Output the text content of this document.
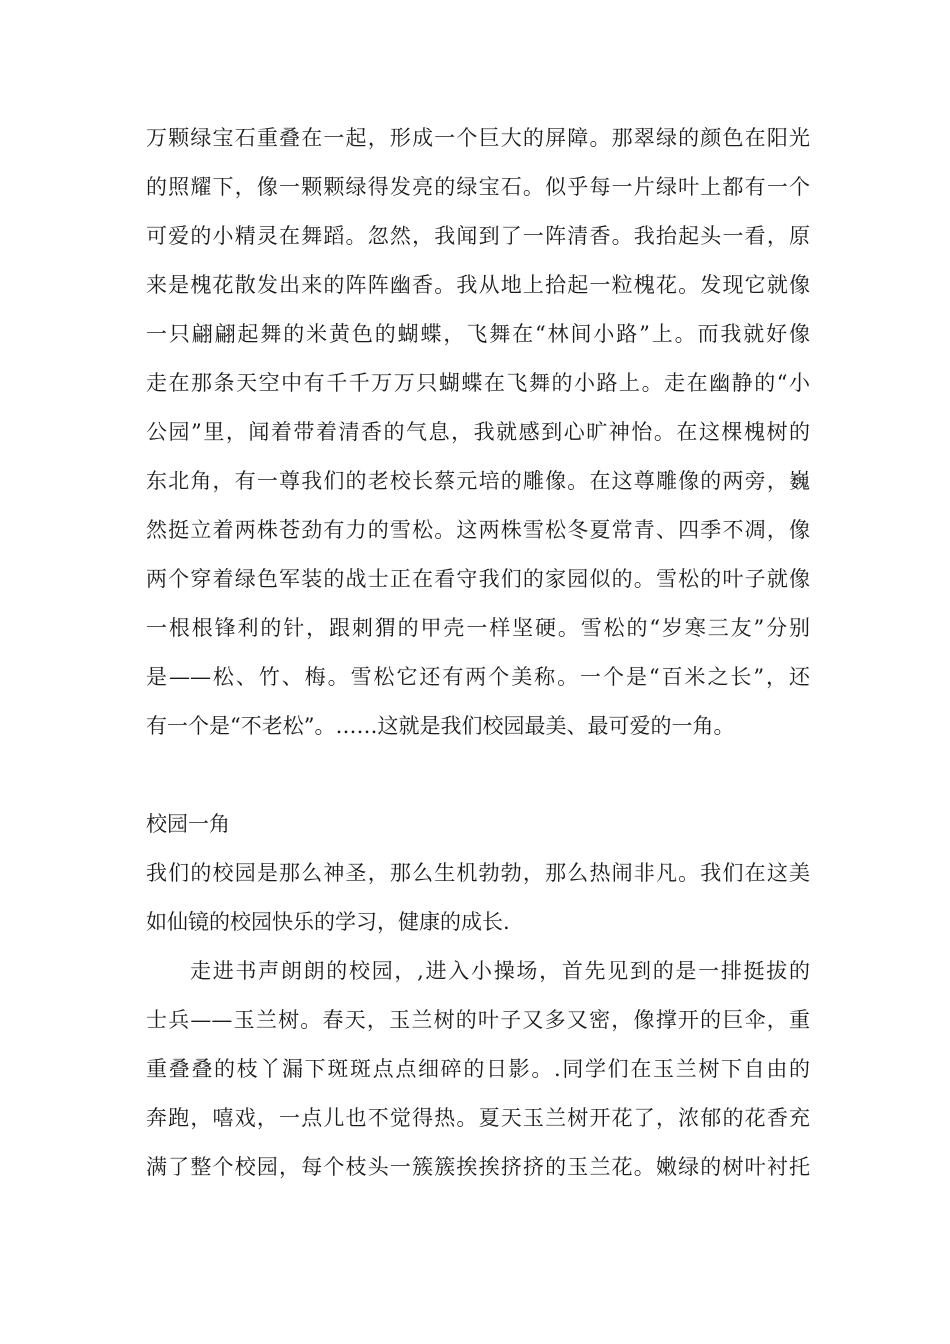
万颗绿宝石重叠在一起，形成一个巨大的屏障。那翠绿的颜色在阳光
的照耀下，像一颗颗绿得发亮的绿宝石。似乎每一片绿叶上都有一个
可爱的小精灵在舞蹈。忽然，我闻到了一阵清香。我抬起头一看，原
来是槐花散发出来的阵阵幽香。我从地上拾起一粒槐花。发现它就像
一只翩翩起舞的米黄色的蝴蝶，飞舞在“林间小路”上。而我就好像
走在那条天空中有千千万万只蝴蝶在飞舞的小路上。走在幽静的“小
公园”里，闻着带着清香的气息，我就感到心旷神怡。在这棵槐树的
东北角，有一尊我们的老校长蔡元培的雕像。在这尊雕像的两旁，巍
然挺立着两株苍劲有力的雪松。这两株雪松冬夏常青、四季不凋，像
两个穿着绿色军装的战士正在看守我们的家园似的。雪松的叶子就像
一根根锋利的针，跟刺猬的甲壳一样坚硬。雪松的“岁寒三友”分别
是——松、竹、梅。雪松它还有两个美称。一个是“百米之长”，还
有一个是“不老松”。……这就是我们校园最美、最可爱的一角。
校园一角
我们的校园是那么神圣，那么生机勃勃，那么热闹非凡。我们在这美
如仙镜的校园快乐的学习，健康的成长.
走进书声朗朗的校园，,进入小操场，首先见到的是一排挺拔的
士兵——玉兰树。春天，玉兰树的叶子又多又密，像撑开的巨伞，重
重叠叠的枝丫漏下斑斑点点细碎的日影。.同学们在玉兰树下自由的
奔跑，嘻戏，一点儿也不觉得热。夏天玉兰树开花了，浓郁的花香充
满了整个校园，每个枝头一簇簇挨挨挤挤的玉兰花。嫩绿的树叶衬托
